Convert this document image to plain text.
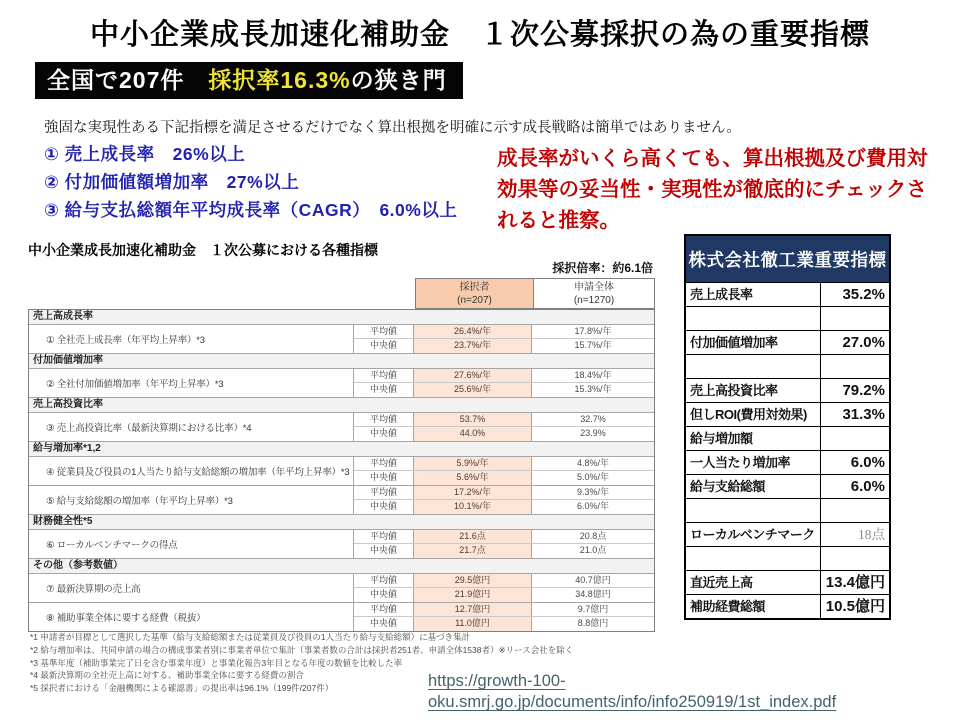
中小企業成長加速化補助金　１次公募採択の為の重要指標
全国で207件　採択率16.3%の狭き門
強固な実現性ある下記指標を満足させるだけでなく算出根拠を明確に示す成長戦略は簡単ではありません。
① 売上成長率　26%以上
② 付加価値額増加率　27%以上
③ 給与支払総額年平均成長率（CAGR）　6.0%以上
成長率がいくら高くても、算出根拠及び費用対効果等の妥当性・実現性が徹底的にチェックされると推察。
中小企業成長加速化補助金　１次公募における各種指標
採択倍率：約6.1倍
採択者
(n=207)
申請全体
(n=1270)
売上高成長率
① 全社売上成長率（年平均上昇率）*3
平均値	26.4%/年	17.8%/年
中央値	23.7%/年	15.7%/年
付加価値増加率
② 全社付加価値増加率（年平均上昇率）*3
平均値	27.6%/年	18.4%/年
中央値	25.6%/年	15.3%/年
売上高投資比率
③ 売上高投資比率（最新決算期における比率）*4
平均値	53.7%	32.7%
中央値	44.0%	23.9%
給与増加率*1,2
④ 従業員及び役員の1人当たり給与支給総額の増加率（年平均上昇率）*3
平均値	5.9%/年	4.8%/年
中央値	5.6%/年	5.0%/年
⑤ 給与支給総額の増加率（年平均上昇率）*3
平均値	17.2%/年	9.3%/年
中央値	10.1%/年	6.0%/年
財務健全性*5
⑥ ローカルベンチマークの得点
平均値	21.6点	20.8点
中央値	21.7点	21.0点
その他（参考数値）
⑦ 最新決算期の売上高
平均値	29.5億円	40.7億円
中央値	21.9億円	34.8億円
⑧ 補助事業全体に要する経費（税抜）
平均値	12.7億円	9.7億円
中央値	11.0億円	8.8億円
*1 申請者が目標として選択した基準（給与支給総額または従業員及び役員の1人当たり給与支給総額）に基づき集計
*2 給与増加率は、共同申請の場合の構成事業者別に事業者単位で集計（事業者数の合計は採択者251者、申請全体1538者）※リース会社を除く
*3 基準年度（補助事業完了日を含む事業年度）と事業化報告3年目となる年度の数値を比較した率
*4 最新決算期の全社売上高に対する、補助事業全体に要する経費の割合
*5 採択者における「金融機関による確認書」の提出率は96.1%（199件/207件）
株式会社徹工業重要指標
売上成長率	35.2%
付加価値増加率	27.0%
売上高投資比率	79.2%
但しROI(費用対効果)	31.3%
給与増加額
一人当たり増加率	6.0%
給与支給総額	6.0%
ローカルベンチマーク	18点
直近売上高	13.4億円
補助経費総額	10.5億円
https://growth-100-
oku.smrj.go.jp/documents/info/info250919/1st_index.pdf
